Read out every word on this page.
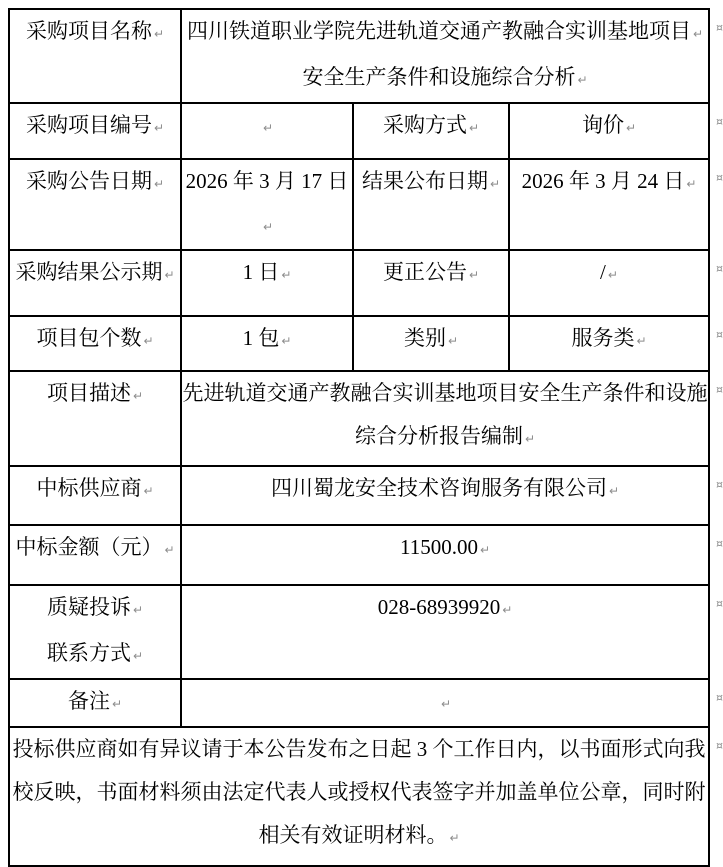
采购项目名称 ↵	四川铁道职业学院先进轨道交通产教融合实训基地项目 ↵
安全生产条件和设施综合分析 ↵
¤		

采购项目编号 ↵	↵	采购方式 ↵	询价 ↵ ¤

采购公告日期 ↵	2026 年 3 月 17 日↵	结果公布日期 ↵	2026 年 3 月 24 日 ↵ ¤

采购结果公示期 ↵	1 日 ↵	更正公告 ↵	/ ↵ ¤

项目包个数 ↵	1 包 ↵	类别 ↵	服务类 ↵ ¤

项目描述 ↵	先进轨道交通产教融合实训基地项目安全生产条件和设施
综合分析报告编制 ↵
¤		

中标供应商 ↵	四川蜀龙安全技术咨询服务有限公司 ↵ ¤		

中标金额（元） ↵	11500.00 ↵ ¤		

质疑投诉 ↵
联系方式 ↵
	028-68939920 ↵	¤

备注 ↵	↵ ¤		

投标供应商如有异议请于本公告发布之日起 3 个工作日内，以书面形式向我校反映，书面材料须由法定代表人或授权代表签字并加盖单位公章，同时附相关有效证明材料。 ↵
¤			
